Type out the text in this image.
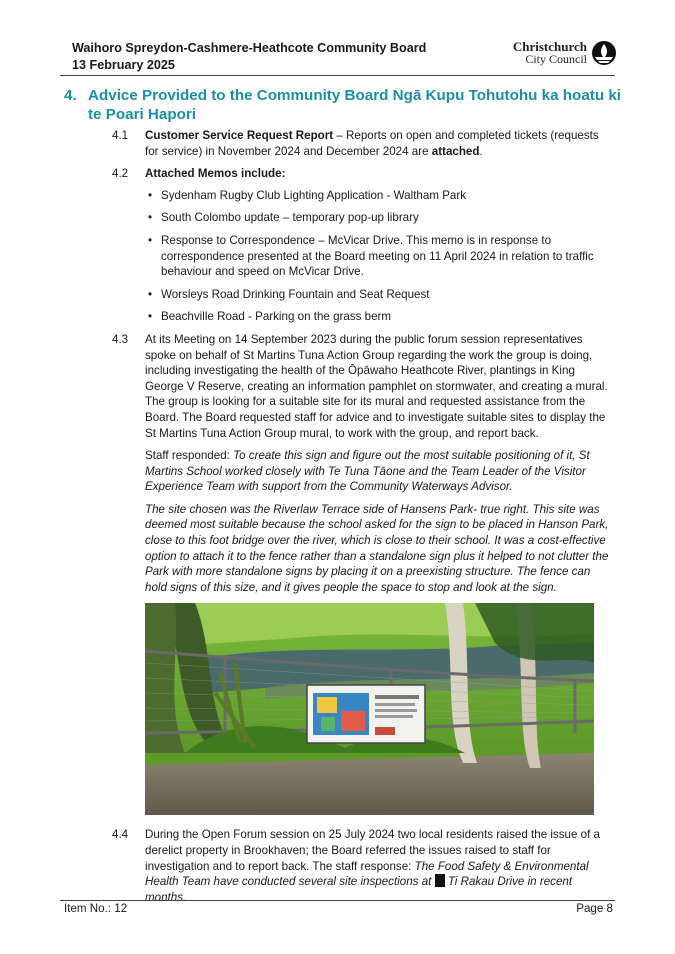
Waihoro Spreydon-Cashmere-Heathcote Community Board
13 February 2025
Christchurch
City Council
4. Advice Provided to the Community Board Ngā Kupu Tohutohu ka hoatu ki te Poari Hapori
4.1 Customer Service Request Report – Reports on open and completed tickets (requests for service) in November 2024 and December 2024 are attached.
4.2 Attached Memos include:
• Sydenham Rugby Club Lighting Application - Waltham Park
• South Colombo update – temporary pop-up library
• Response to Correspondence – McVicar Drive. This memo is in response to correspondence presented at the Board meeting on 11 April 2024 in relation to traffic behaviour and speed on McVicar Drive.
• Worsleys Road Drinking Fountain and Seat Request
• Beachville Road - Parking on the grass berm
4.3 At its Meeting on 14 September 2023 during the public forum session representatives spoke on behalf of St Martins Tuna Action Group regarding the work the group is doing, including investigating the health of the Ōpāwaho Heathcote River, plantings in King George V Reserve, creating an information pamphlet on stormwater, and creating a mural. The group is looking for a suitable site for its mural and requested assistance from the Board. The Board requested staff for advice and to investigate suitable sites to display the St Martins Tuna Action Group mural, to work with the group, and report back.

Staff responded: To create this sign and figure out the most suitable positioning of it, St Martins School worked closely with Te Tuna Tāone and the Team Leader of the Visitor Experience Team with support from the Community Waterways Advisor.

The site chosen was the Riverlaw Terrace side of Hansens Park- true right. This site was deemed most suitable because the school asked for the sign to be placed in Hanson Park, close to this foot bridge over the river, which is close to their school. It was a cost-effective option to attach it to the fence rather than a standalone sign plus it helped to not clutter the Park with more standalone signs by placing it on a preexisting structure. The fence can hold signs of this size, and it gives people the space to stop and look at the sign.

4.4 During the Open Forum session on 25 July 2024 two local residents raised the issue of a derelict property in Brookhaven; the Board referred the issues raised to staff for investigation and to report back. The staff response: The Food Safety & Environmental Health Team have conducted several site inspections at  Ti Rakau Drive in recent months.
Item No.: 12	Page 8
